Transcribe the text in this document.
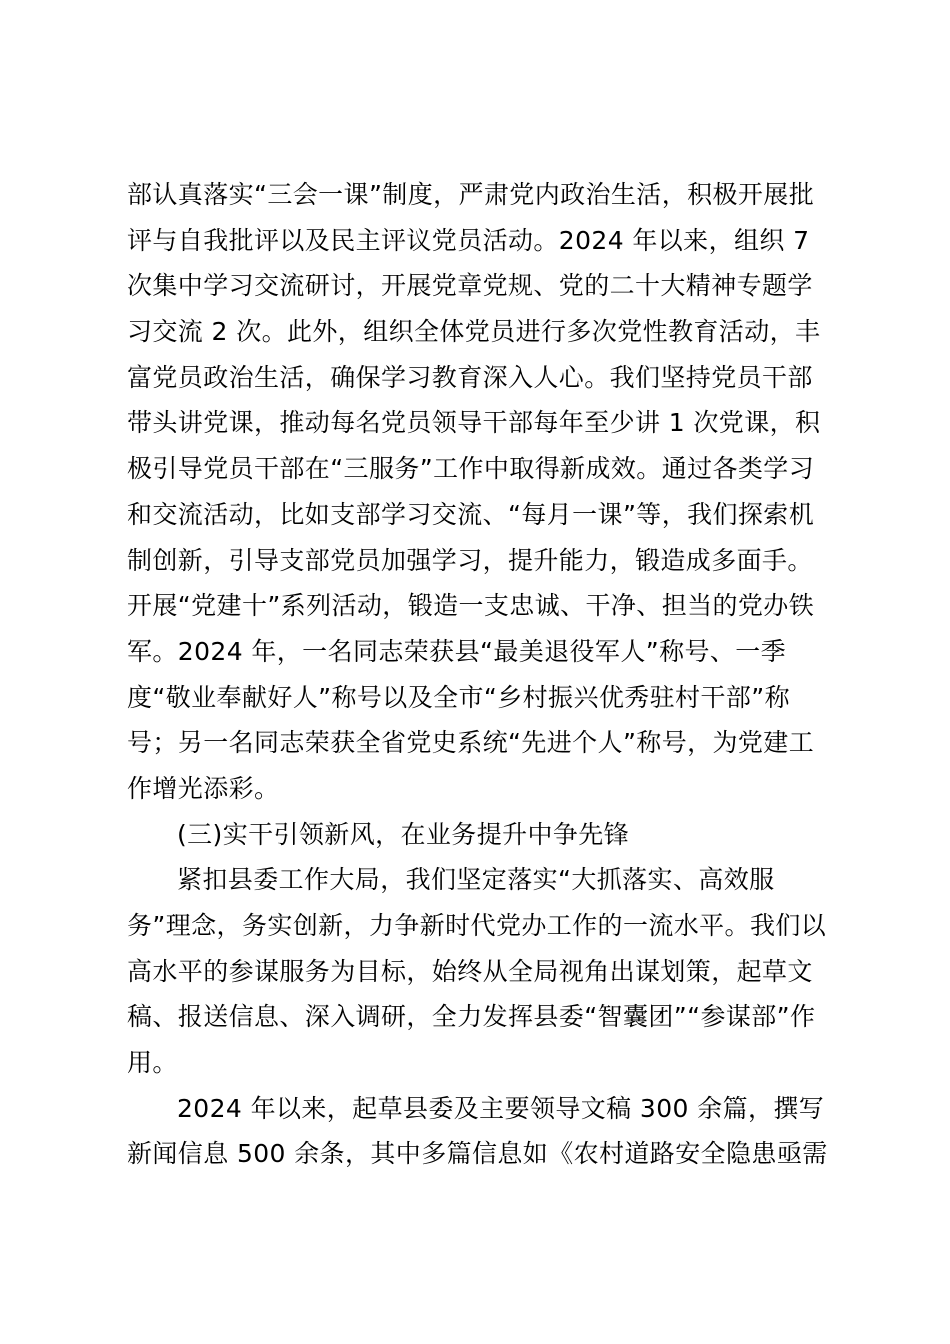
部认真落实“三会一课”制度，严肃党内政治生活，积极开展批
评与自我批评以及民主评议党员活动。2024 年以来，组织 7
次集中学习交流研讨，开展党章党规、党的二十大精神专题学
习交流 2 次。此外，组织全体党员进行多次党性教育活动，丰
富党员政治生活，确保学习教育深入人心。我们坚持党员干部
带头讲党课，推动每名党员领导干部每年至少讲 1 次党课，积
极引导党员干部在“三服务”工作中取得新成效。通过各类学习
和交流活动，比如支部学习交流、“每月一课”等，我们探索机
制创新，引导支部党员加强学习，提升能力，锻造成多面手。
开展“党建十”系列活动，锻造一支忠诚、干净、担当的党办铁
军。2024 年，一名同志荣获县“最美退役军人”称号、一季
度“敬业奉献好人”称号以及全市“乡村振兴优秀驻村干部”称
号；另一名同志荣获全省党史系统“先进个人”称号，为党建工
作增光添彩。
(三)实干引领新风，在业务提升中争先锋
紧扣县委工作大局，我们坚定落实“大抓落实、高效服
务”理念，务实创新，力争新时代党办工作的一流水平。我们以
高水平的参谋服务为目标，始终从全局视角出谋划策，起草文
稿、报送信息、深入调研，全力发挥县委“智囊团”“参谋部”作
用。
2024 年以来，起草县委及主要领导文稿 300 余篇，撰写
新闻信息 500 余条，其中多篇信息如《农村道路安全隐患亟需
